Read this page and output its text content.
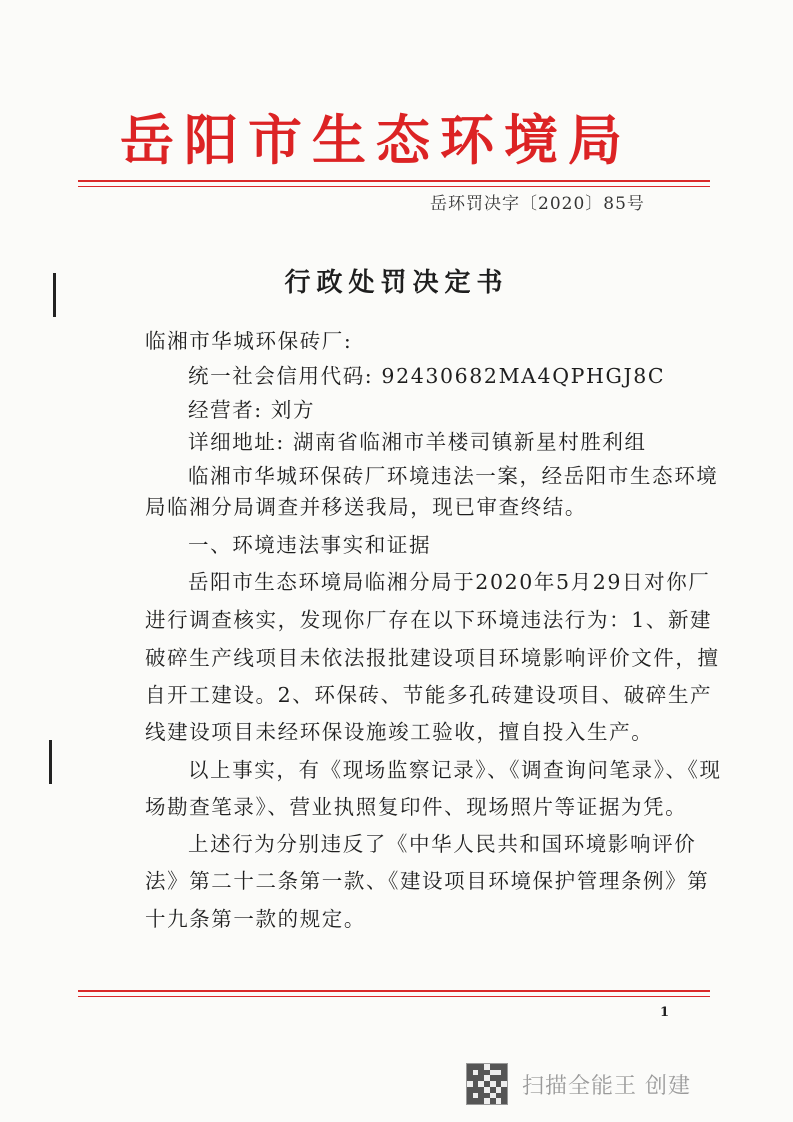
岳阳市生态环境局
岳环罚决字〔2020〕85号
行政处罚决定书
临湘市华城环保砖厂:
统一社会信用代码: 92430682MA4QPHGJ8C
经营者: 刘方
详细地址: 湖南省临湘市羊楼司镇新星村胜利组
临湘市华城环保砖厂环境违法一案，经岳阳市生态环境
局临湘分局调查并移送我局，现已审查终结。
一、环境违法事实和证据
岳阳市生态环境局临湘分局于2020年5月29日对你厂
进行调查核实，发现你厂存在以下环境违法行为：1、新建
破碎生产线项目未依法报批建设项目环境影响评价文件，擅
自开工建设。2、环保砖、节能多孔砖建设项目、破碎生产
线建设项目未经环保设施竣工验收，擅自投入生产。
以上事实，有《现场监察记录》、《调查询问笔录》、《现
场勘查笔录》、营业执照复印件、现场照片等证据为凭。
上述行为分别违反了《中华人民共和国环境影响评价
法》第二十二条第一款、《建设项目环境保护管理条例》第
十九条第一款的规定。
1
扫描全能王 创建
